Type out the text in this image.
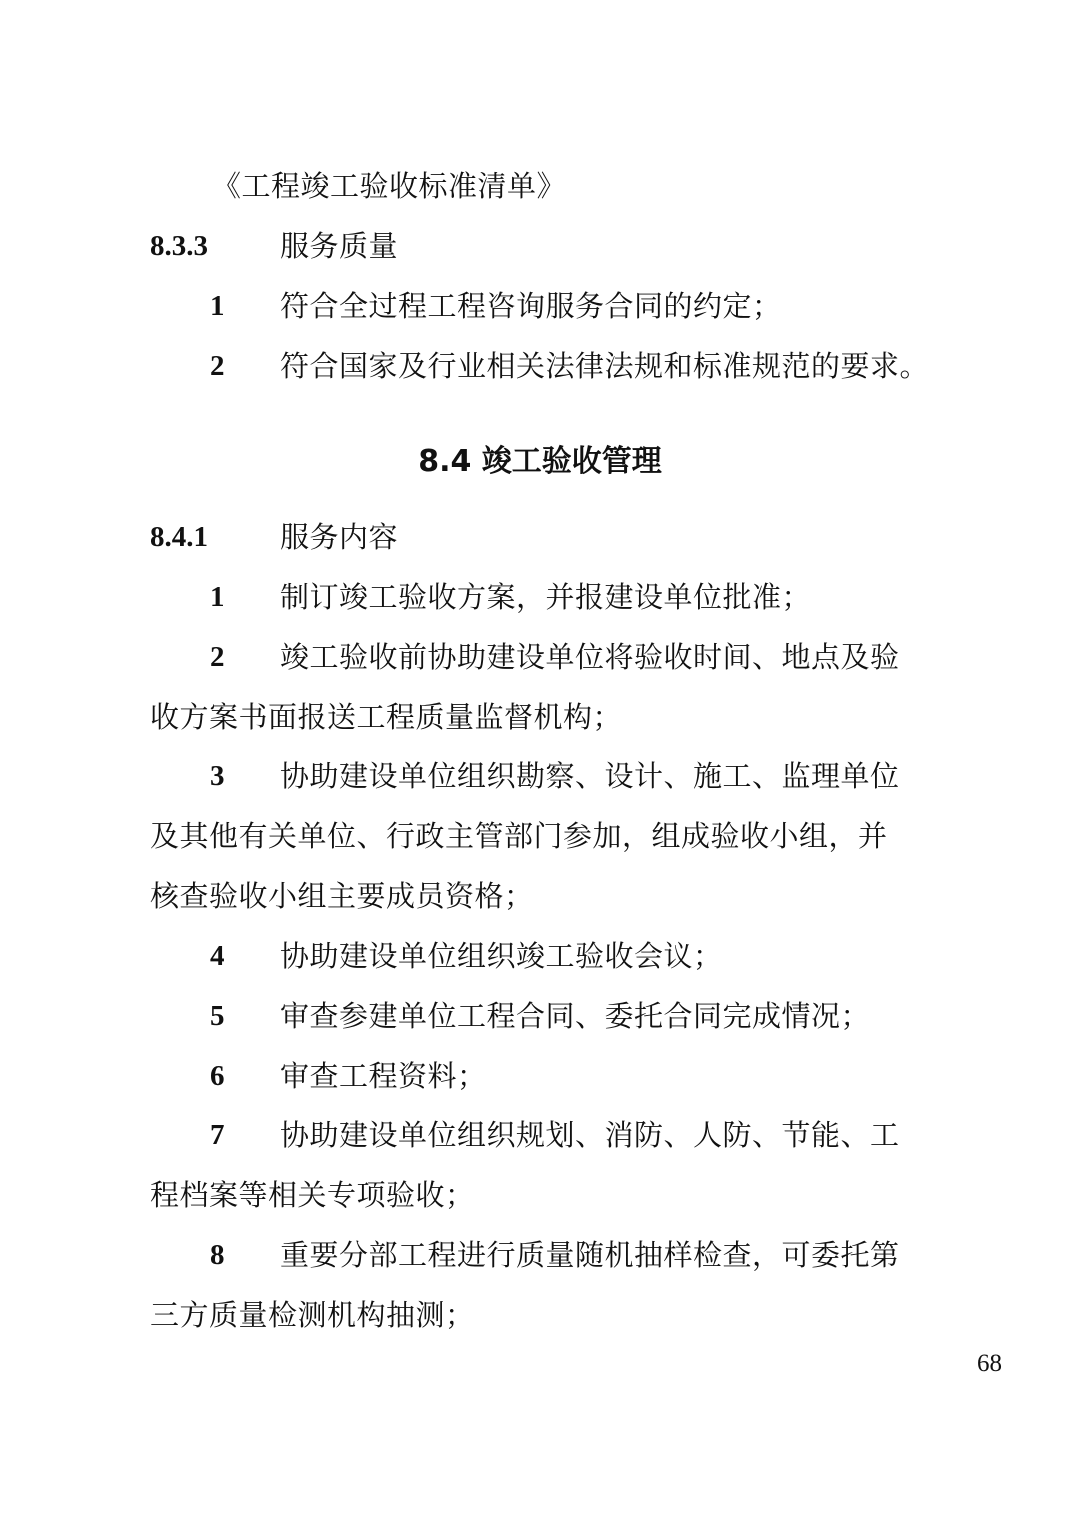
《工程竣工验收标准清单》
8.3.3 服务质量
1 符合全过程工程咨询服务合同的约定；
2 符合国家及行业相关法律法规和标准规范的要求。
8.4 竣工验收管理
8.4.1 服务内容
1 制订竣工验收方案，并报建设单位批准；
2 竣工验收前协助建设单位将验收时间、地点及验
收方案书面报送工程质量监督机构；
3 协助建设单位组织勘察、设计、施工、监理单位
及其他有关单位、行政主管部门参加，组成验收小组，并
核查验收小组主要成员资格；
4 协助建设单位组织竣工验收会议；
5 审查参建单位工程合同、委托合同完成情况；
6 审查工程资料；
7 协助建设单位组织规划、消防、人防、节能、工
程档案等相关专项验收；
8 重要分部工程进行质量随机抽样检查，可委托第
三方质量检测机构抽测；
68
